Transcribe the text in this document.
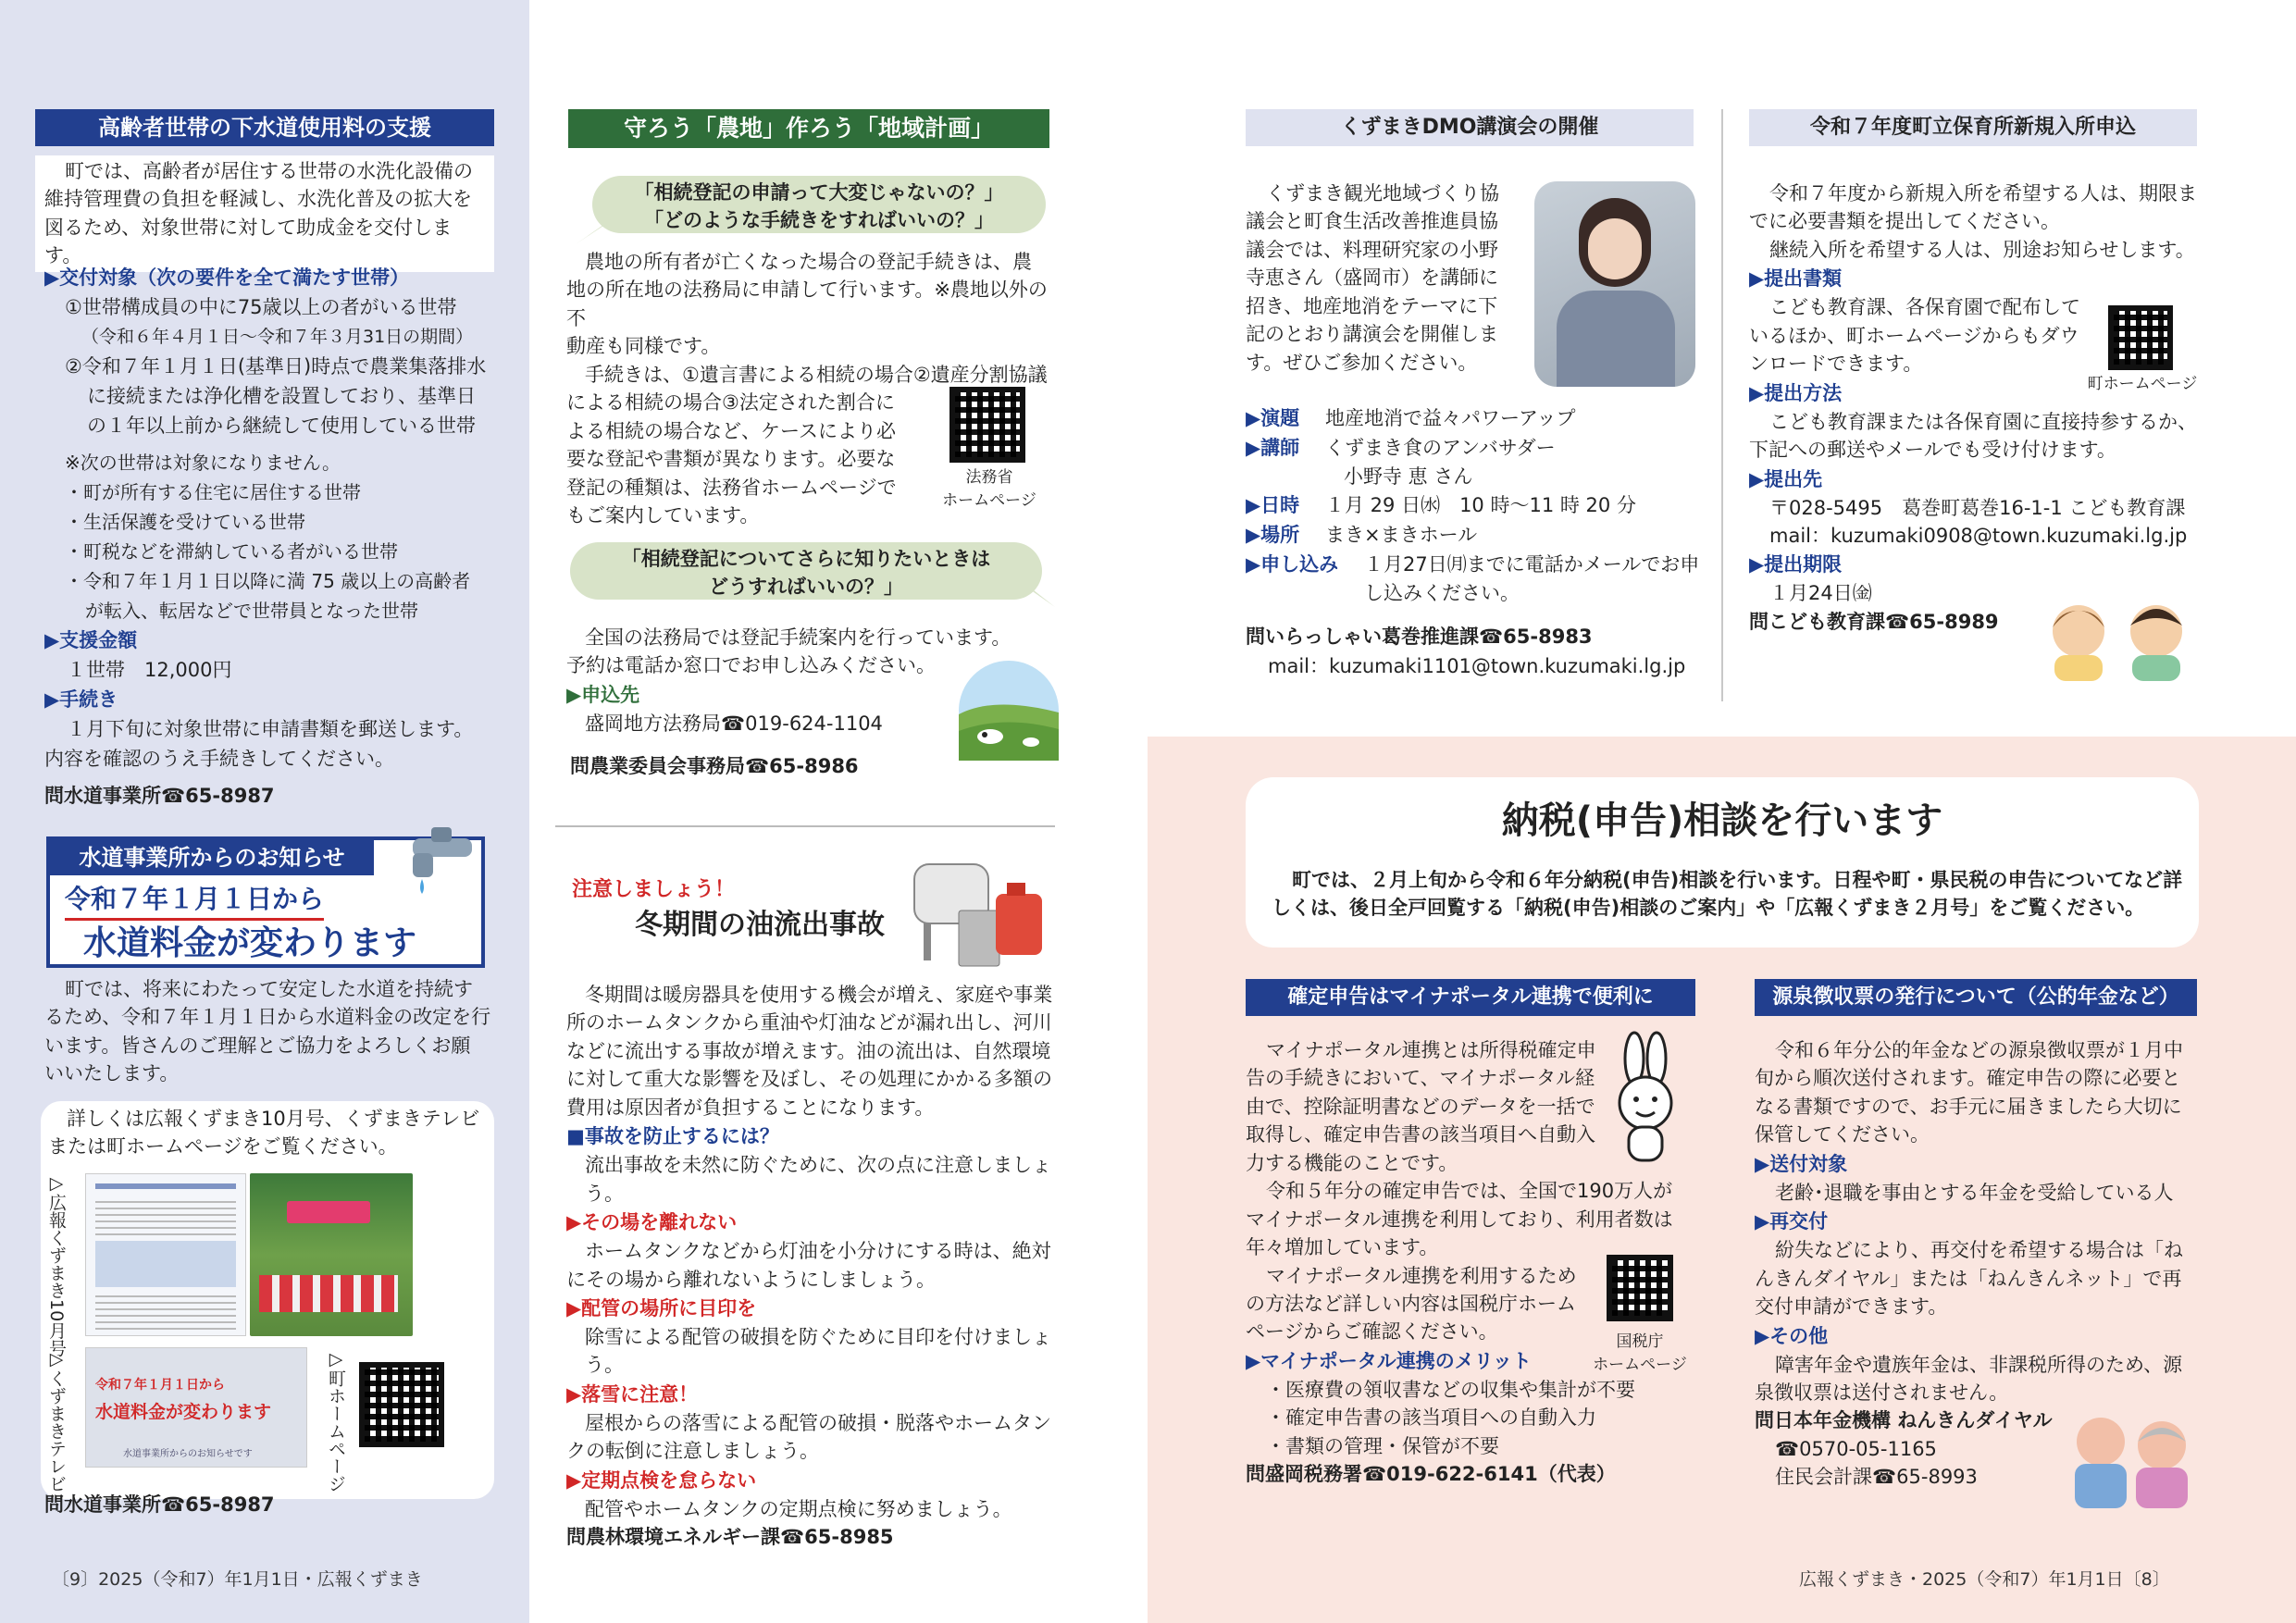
高齢者世帯の下水道使用料の支援
町では、高齢者が居住する世帯の水洗化設備の
維持管理費の負担を軽減し、水洗化普及の拡大を
図るため、対象世帯に対して助成金を交付します。
▶交付対象（次の要件を全て満たす世帯）
①世帯構成員の中に75歳以上の者がいる世帯
（令和６年４月１日～令和７年３月31日の期間）
②令和７年１月１日(基準日)時点で農業集落排水
に接続または浄化槽を設置しており、基準日
の１年以上前から継続して使用している世帯
※次の世帯は対象になりません。
・町が所有する住宅に居住する世帯
・生活保護を受けている世帯
・町税などを滞納している者がいる世帯
・令和７年１月１日以降に満 75 歳以上の高齢者
が転入、転居などで世帯員となった世帯
▶支援金額
１世帯　12,000円
▶手続き
１月下旬に対象世帯に申請書類を郵送します。
内容を確認のうえ手続きしてください。
問水道事業所☎65-8987
水道事業所からのお知らせ
令和７年１月１日から
水道料金が変わります
町では、将来にわたって安定した水道を持続す
るため、令和７年１月１日から水道料金の改定を行
います。皆さんのご理解とご協力をよろしくお願
いいたします。
詳しくは広報くずまき10月号、くずまきテレビ
または町ホームページをご覧ください。
▷広報くずまき10月号
▷くずまきテレビ 令和７年１月１日から
水道料金が変わります
水道事業所からのお知らせです	▷町ホームページ
問水道事業所☎65-8987
〔9〕2025（令和7）年1月1日・広報くずまき
守ろう「農地」作ろう「地域計画」
「相続登記の申請って大変じゃないの？」
「どのような手続きをすればいいの？」
農地の所有者が亡くなった場合の登記手続きは、農
地の所在地の法務局に申請して行います。※農地以外の不
動産も同様です。
手続きは、①遺言書による相続の場合②遺産分割協議
による相続の場合③法定された割合に
よる相続の場合など、ケースにより必
要な登記や書類が異なります。必要な
登記の種類は、法務省ホームページで
もご案内しています。
法務省
ホームページ
「相続登記についてさらに知りたいときは
どうすればいいの？」
全国の法務局では登記手続案内を行っています。
予約は電話か窓口でお申し込みください。
▶申込先
盛岡地方法務局☎019-624-1104
問農業委員会事務局☎65-8986
注意しましょう！
冬期間の油流出事故
冬期間は暖房器具を使用する機会が増え、家庭や事業
所のホームタンクから重油や灯油などが漏れ出し、河川
などに流出する事故が増えます。油の流出は、自然環境
に対して重大な影響を及ぼし、その処理にかかる多額の
費用は原因者が負担することになります。
■事故を防止するには？
流出事故を未然に防ぐために、次の点に注意しましょう。
▶その場を離れない
ホームタンクなどから灯油を小分けにする時は、絶対
にその場から離れないようにしましょう。
▶配管の場所に目印を
除雪による配管の破損を防ぐために目印を付けましょう。
▶落雪に注意！
屋根からの落雪による配管の破損・脱落やホームタン
クの転倒に注意しましょう。
▶定期点検を怠らない
配管やホームタンクの定期点検に努めましょう。
問農林環境エネルギー課☎65-8985
くずまきDMO講演会の開催
くずまき観光地域づくり協
議会と町食生活改善推進員協
議会では、料理研究家の小野
寺恵さん（盛岡市）を講師に
招き、地産地消をテーマに下
記のとおり講演会を開催しま
す。ぜひご参加ください。
▶演題 地産地消で益々パワーアップ
▶講師 くずまき食のアンバサダー
小野寺 恵 さん
▶日時 １月 29 日㈬　10 時～11 時 20 分
▶場所 まき×まきホール
▶申し込み １月27日㈪までに電話かメールでお申
し込みください。
問いらっしゃい葛巻推進課☎65-8983
mail：kuzumaki1101@town.kuzumaki.lg.jp
令和７年度町立保育所新規入所申込
令和７年度から新規入所を希望する人は、期限ま
でに必要書類を提出してください。
継続入所を希望する人は、別途お知らせします。
▶提出書類
こども教育課、各保育園で配布して
いるほか、町ホームページからもダウ
ンロードできます。
▶提出方法
こども教育課または各保育園に直接持参するか、
下記への郵送やメールでも受け付けます。
▶提出先
〒028-5495　葛巻町葛巻16-1-1 こども教育課
mail：kuzumaki0908@town.kuzumaki.lg.jp
▶提出期限
１月24日㈮
問こども教育課☎65-8989
町ホームページ
納税(申告)相談を行います
町では、２月上旬から令和６年分納税(申告)相談を行います。日程や町・県民税の申告についてなど詳
しくは、後日全戸回覧する「納税(申告)相談のご案内」や「広報くずまき２月号」をご覧ください。
確定申告はマイナポータル連携で便利に
マイナポータル連携とは所得税確定申
告の手続きにおいて、マイナポータル経
由で、控除証明書などのデータを一括で
取得し、確定申告書の該当項目へ自動入
力する機能のことです。
令和５年分の確定申告では、全国で190万人が
マイナポータル連携を利用しており、利用者数は
年々増加しています。
マイナポータル連携を利用するため
の方法など詳しい内容は国税庁ホーム
ページからご確認ください。
▶マイナポータル連携のメリット
・医療費の領収書などの収集や集計が不要
・確定申告書の該当項目への自動入力
・書類の管理・保管が不要
問盛岡税務署☎019-622-6141（代表）
国税庁
ホームページ
源泉徴収票の発行について（公的年金など）
令和６年分公的年金などの源泉徴収票が１月中
旬から順次送付されます。確定申告の際に必要と
なる書類ですので、お手元に届きましたら大切に
保管してください。
▶送付対象
老齢･退職を事由とする年金を受給している人
▶再交付
紛失などにより、再交付を希望する場合は「ね
んきんダイヤル」または「ねんきんネット」で再
交付申請ができます。
▶その他
障害年金や遺族年金は、非課税所得のため、源
泉徴収票は送付されません。
問日本年金機構 ねんきんダイヤル
☎0570-05-1165
住民会計課☎65-8993
広報くずまき・2025（令和7）年1月1日〔8〕
